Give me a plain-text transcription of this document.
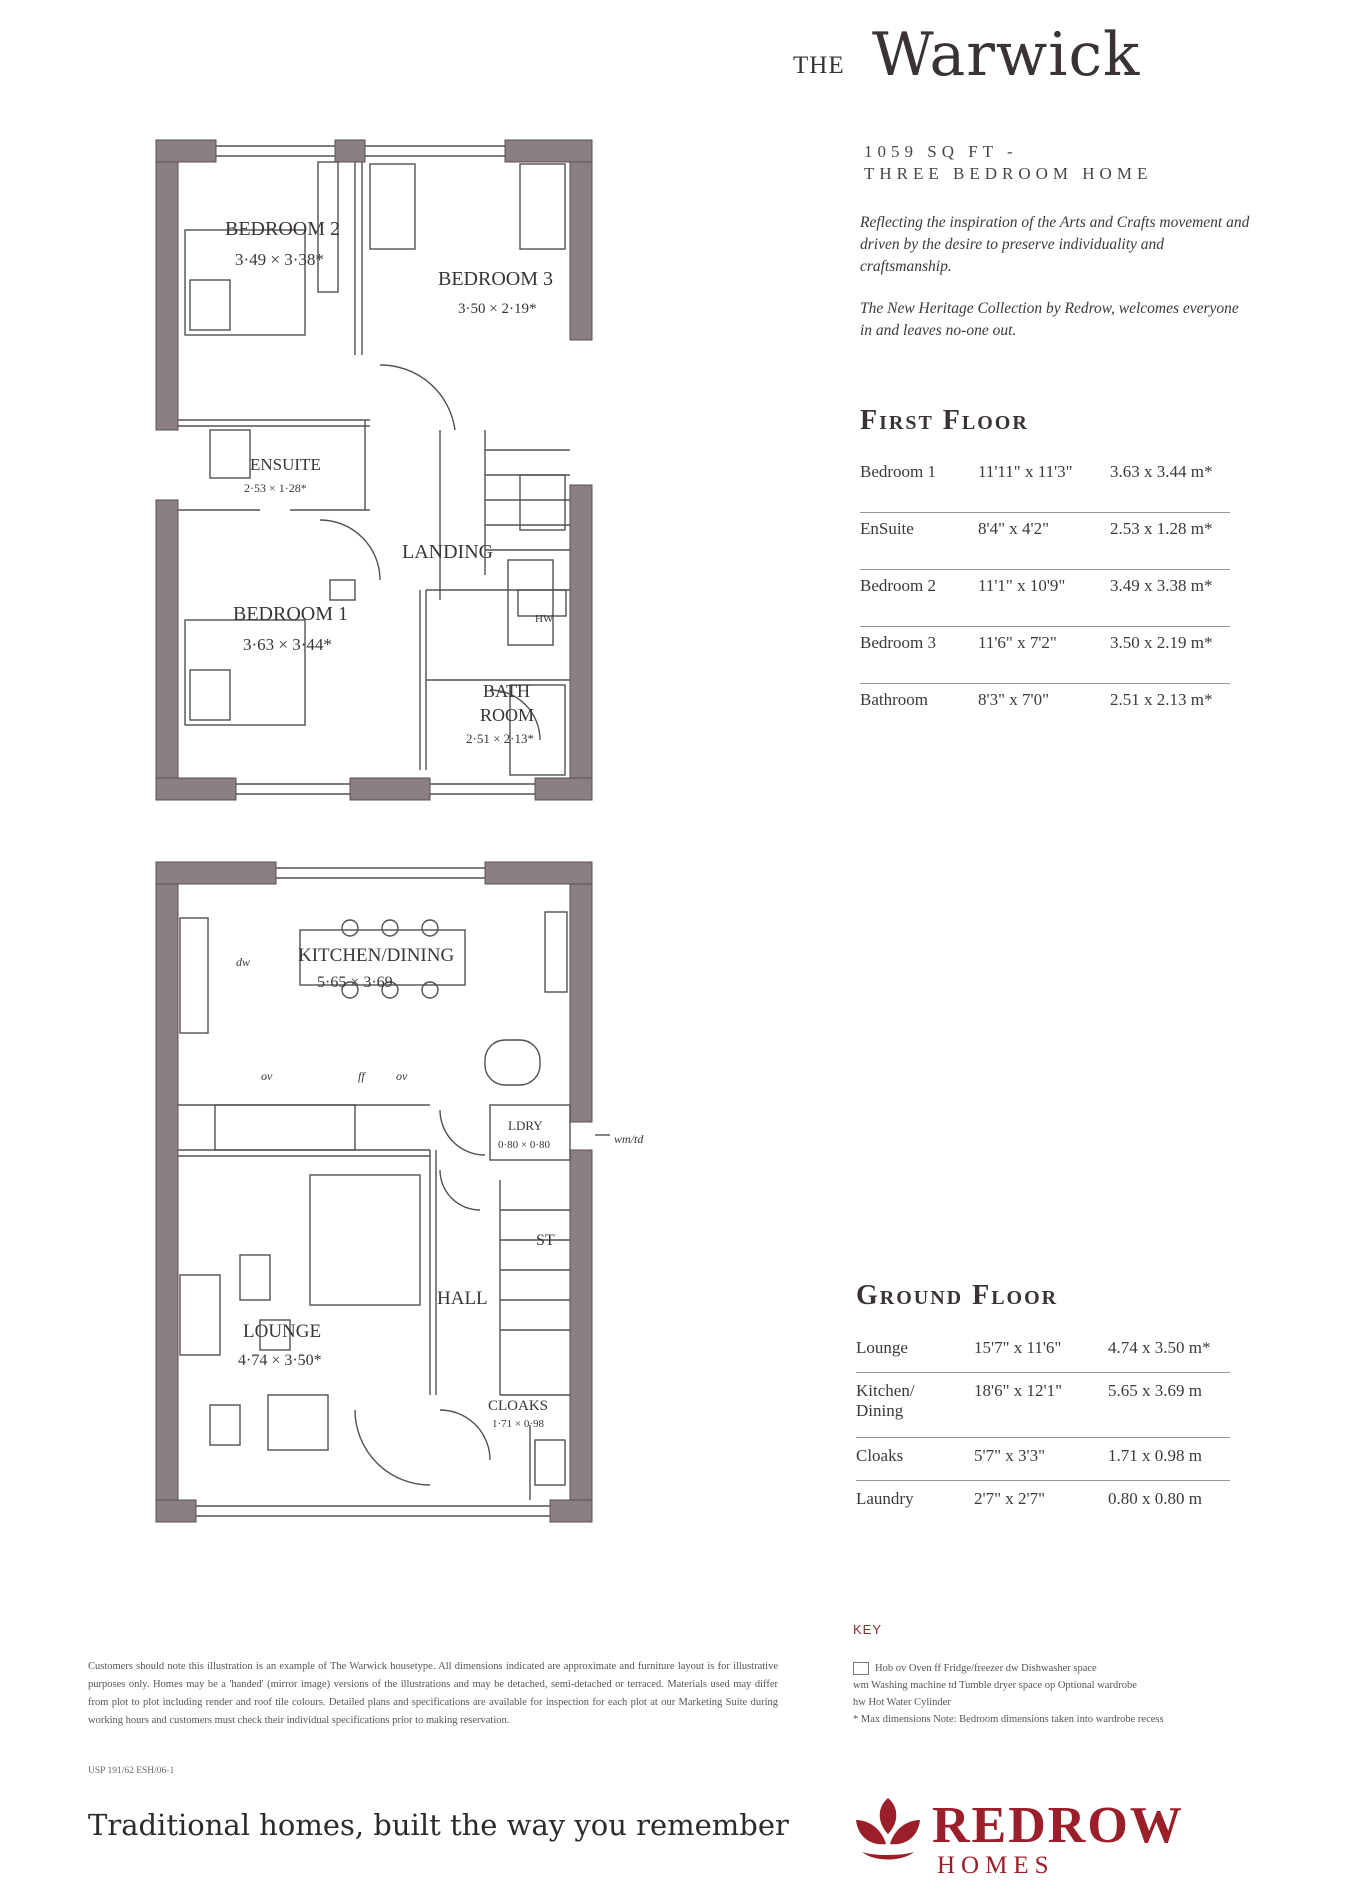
THE Warwick
1059 SQ FT -
THREE BEDROOM HOME
Reflecting the inspiration of the Arts and Crafts movement and driven by the desire to preserve individuality and craftsmanship.
The New Heritage Collection by Redrow, welcomes everyone in and leaves no-one out.
First Floor
Bedroom 1	11'11" x 11'3"	3.63 x 3.44 m*
EnSuite	8'4" x 4'2"	2.53 x 1.28 m*
Bedroom 2	11'1" x 10'9"	3.49 x 3.38 m*
Bedroom 3	11'6" x 7'2"	3.50 x 2.19 m*
Bathroom	8'3" x 7'0"	2.51 x 2.13 m*
Ground Floor
Lounge	15'7" x 11'6"	4.74 x 3.50 m*
Kitchen/
Dining	18'6" x 12'1"	5.65 x 3.69 m
Cloaks	5'7" x 3'3"	1.71 x 0.98 m
Laundry	2'7" x 2'7"	0.80 x 0.80 m
BEDROOM 2
3·49 × 3·38*
BEDROOM 3
3·50 × 2·19*
ENSUITE
2·53 × 1·28*
LANDING
BEDROOM 1
3·63 × 3·44*
HW
BATH
ROOM
2·51 × 2·13*
KITCHEN/DINING
5·65 × 3·69
dw
ov	ff	ov
LDRY
0·80 × 0·80	wm/td
ST
HALL
LOUNGE
4·74 × 3·50*
CLOAKS
1·71 × 0·98
KEY
Hob ov Oven ff Fridge/freezer dw Dishwasher space
wm Washing machine td Tumble dryer space op Optional wardrobe
hw Hot Water Cylinder
* Max dimensions Note: Bedroom dimensions taken into wardrobe recess
Customers should note this illustration is an example of The Warwick housetype. All dimensions indicated are approximate and furniture layout is for illustrative purposes only. Homes may be a 'handed' (mirror image) versions of the illustrations and may be detached, semi-detached or terraced. Materials used may differ from plot to plot including render and roof tile colours. Detailed plans and specifications are available for inspection for each plot at our Marketing Suite during working hours and customers must check their individual specifications prior to making reservation.
USP 191/62 ESH/06-1
Traditional homes, built the way you remember	REDROW
HOMES
